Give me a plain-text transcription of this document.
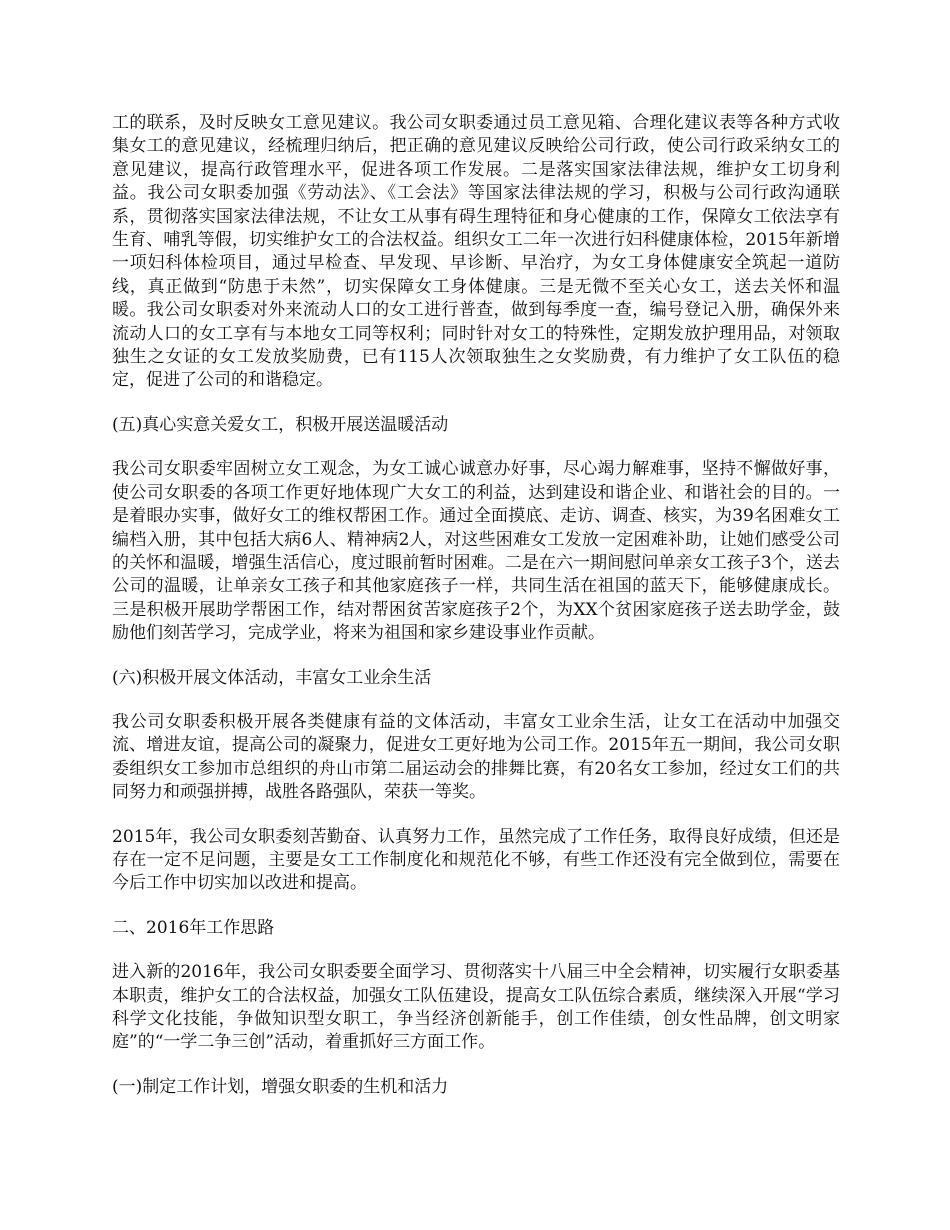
工的联系，及时反映女工意见建议。我公司女职委通过员工意见箱、合理化建议表等各种方式收集女工的意见建议，经梳理归纳后，把正确的意见建议反映给公司行政，使公司行政采纳女工的意见建议，提高行政管理水平，促进各项工作发展。二是落实国家法律法规，维护女工切身利益。我公司女职委加强《劳动法》、《工会法》等国家法律法规的学习，积极与公司行政沟通联系，贯彻落实国家法律法规，不让女工从事有碍生理特征和身心健康的工作，保障女工依法享有生育、哺乳等假，切实维护女工的合法权益。组织女工二年一次进行妇科健康体检，2015年新增一项妇科体检项目，通过早检查、早发现、早诊断、早治疗，为女工身体健康安全筑起一道防线，真正做到“防患于未然”，切实保障女工身体健康。三是无微不至关心女工，送去关怀和温暖。我公司女职委对外来流动人口的女工进行普查，做到每季度一查，编号登记入册，确保外来流动人口的女工享有与本地女工同等权利；同时针对女工的特殊性，定期发放护理用品，对领取独生之女证的女工发放奖励费，已有115人次领取独生之女奖励费，有力维护了女工队伍的稳定，促进了公司的和谐稳定。

(五)真心实意关爱女工，积极开展送温暖活动

我公司女职委牢固树立女工观念，为女工诚心诚意办好事，尽心竭力解难事，坚持不懈做好事，使公司女职委的各项工作更好地体现广大女工的利益，达到建设和谐企业、和谐社会的目的。一是着眼办实事，做好女工的维权帮困工作。通过全面摸底、走访、调查、核实，为39名困难女工编档入册，其中包括大病6人、精神病2人，对这些困难女工发放一定困难补助，让她们感受公司的关怀和温暖，增强生活信心，度过眼前暂时困难。二是在六一期间慰问单亲女工孩子3个，送去公司的温暖，让单亲女工孩子和其他家庭孩子一样，共同生活在祖国的蓝天下，能够健康成长。三是积极开展助学帮困工作，结对帮困贫苦家庭孩子2个，为XX个贫困家庭孩子送去助学金，鼓励他们刻苦学习，完成学业，将来为祖国和家乡建设事业作贡献。

(六)积极开展文体活动，丰富女工业余生活

我公司女职委积极开展各类健康有益的文体活动，丰富女工业余生活，让女工在活动中加强交流、增进友谊，提高公司的凝聚力，促进女工更好地为公司工作。2015年五一期间，我公司女职委组织女工参加市总组织的舟山市第二届运动会的排舞比赛，有20名女工参加，经过女工们的共同努力和顽强拼搏，战胜各路强队，荣获一等奖。

2015年，我公司女职委刻苦勤奋、认真努力工作，虽然完成了工作任务，取得良好成绩，但还是存在一定不足问题，主要是女工工作制度化和规范化不够，有些工作还没有完全做到位，需要在今后工作中切实加以改进和提高。

二、2016年工作思路

进入新的2016年，我公司女职委要全面学习、贯彻落实十八届三中全会精神，切实履行女职委基本职责，维护女工的合法权益，加强女工队伍建设，提高女工队伍综合素质，继续深入开展“学习科学文化技能，争做知识型女职工，争当经济创新能手，创工作佳绩，创女性品牌，创文明家庭”的“一学二争三创”活动，着重抓好三方面工作。

(一)制定工作计划，增强女职委的生机和活力
